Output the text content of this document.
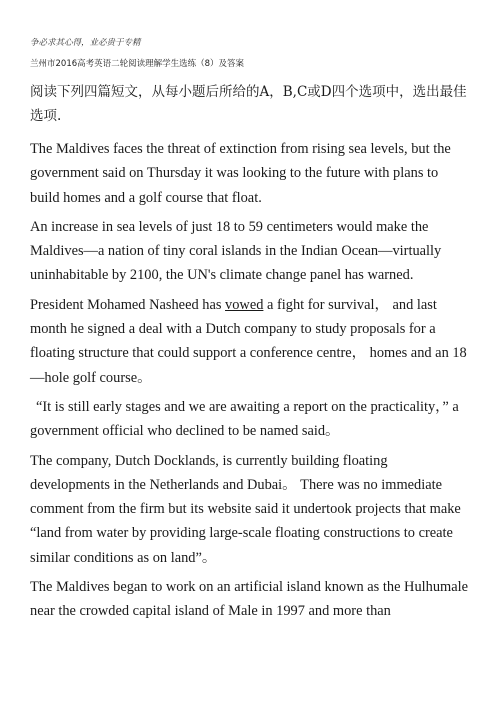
争必求其心得，业必贵于专精
兰州市2016高考英语二轮阅读理解学生选练（8）及答案
阅读下列四篇短文，从每小题后所给的A，B,C或D四个选项中，选出最佳选项.

The Maldives faces the threat of extinction from rising sea levels, but the government said on Thursday it was looking to the future with plans to build homes and a golf course that float.

An increase in sea levels of just 18 to 59 centimeters would make the Maldives—a nation of tiny coral islands in the Indian Ocean—virtually uninhabitable by 2100, the UN's climate change panel has warned.

President Mohamed Nasheed has vowed a fight for survival， and last month he signed a deal with a Dutch company to study proposals for a floating structure that could support a conference centre， homes and an 18—hole golf course。

“It is still early stages and we are awaiting a report on the practicality，” a government official who declined to be named said。

The company, Dutch Docklands, is currently building floating developments in the Netherlands and Dubai。 There was no immediate comment from the firm but its website said it undertook projects that make “land from water by providing large-scale floating constructions to create similar conditions as on land”。

The Maldives began to work on an artificial island known as the Hulhumale near the crowded capital island of Male in 1997 and more than
